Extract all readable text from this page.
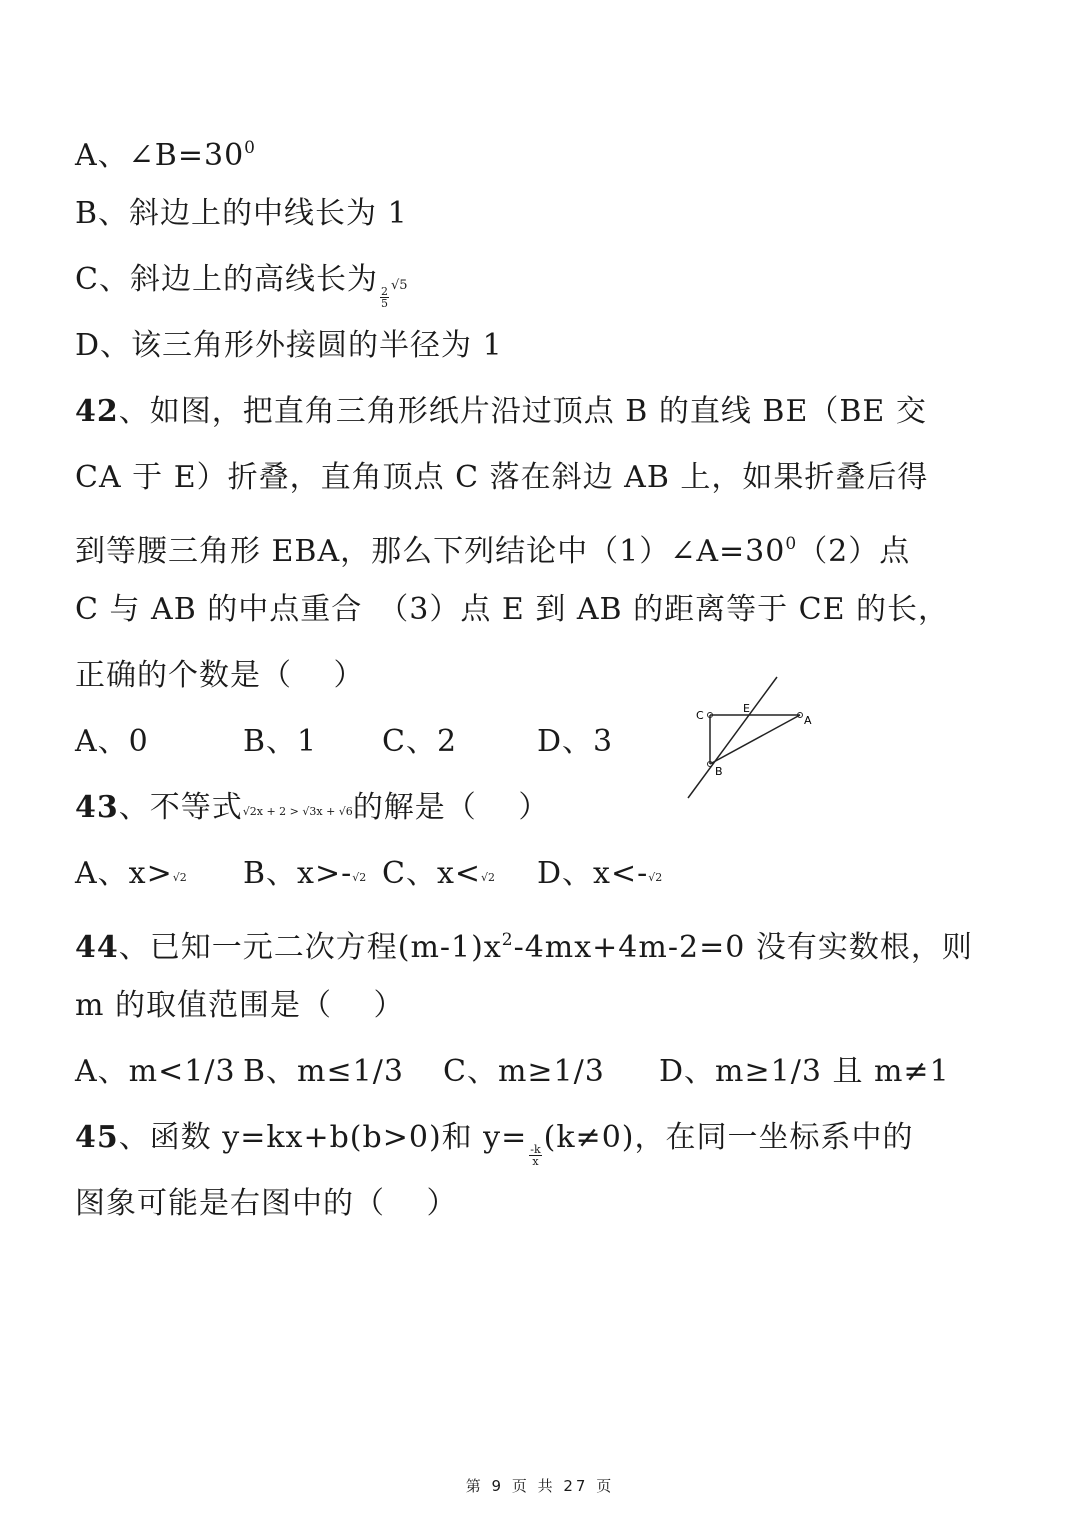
A、$\angle B=30^0$
B、斜边上的中线长为 1
C、斜边上的高线长为
$\frac{2}{5}$
√5
D、该三角形外接圆的半径为 1
42、如图，把直角三角形纸片沿过顶点 B 的直线 BE（BE 交
CA 于 E）折叠，直角顶点 C 落在斜边 AB 上，如果折叠后得
到等腰三角形 EBA，那么下列结论中$(1)\angle A=30^0(2)$点
C 与 AB 的中点重合　（3）点 E 到 AB 的距离等于 CE 的长，
正确的个数是（　 ）
A、0	B、1 C、2	D、3
C
E
A
B
43、不等式√2x + 2 > √3x + √6的解是（　 ）
A、x>√2 B、x>-√2 C、x<√2 D、x<-√2
44、已知一元二次方程$(m-1)x^2-4mx+4m-2=0$ 没有实数根，则
m 的取值范围是（　 ）
A、m<1/3 B、m≤1/3 C、m≥1/3 D、m≥1/3 且 m≠1
45、函数 y=kx+b(b>0)和 y=
$\frac{-k}{x}$
(k≠0)，在同一坐标系中的
图象可能是右图中的（　 ）
第 9 页 共 27 页
